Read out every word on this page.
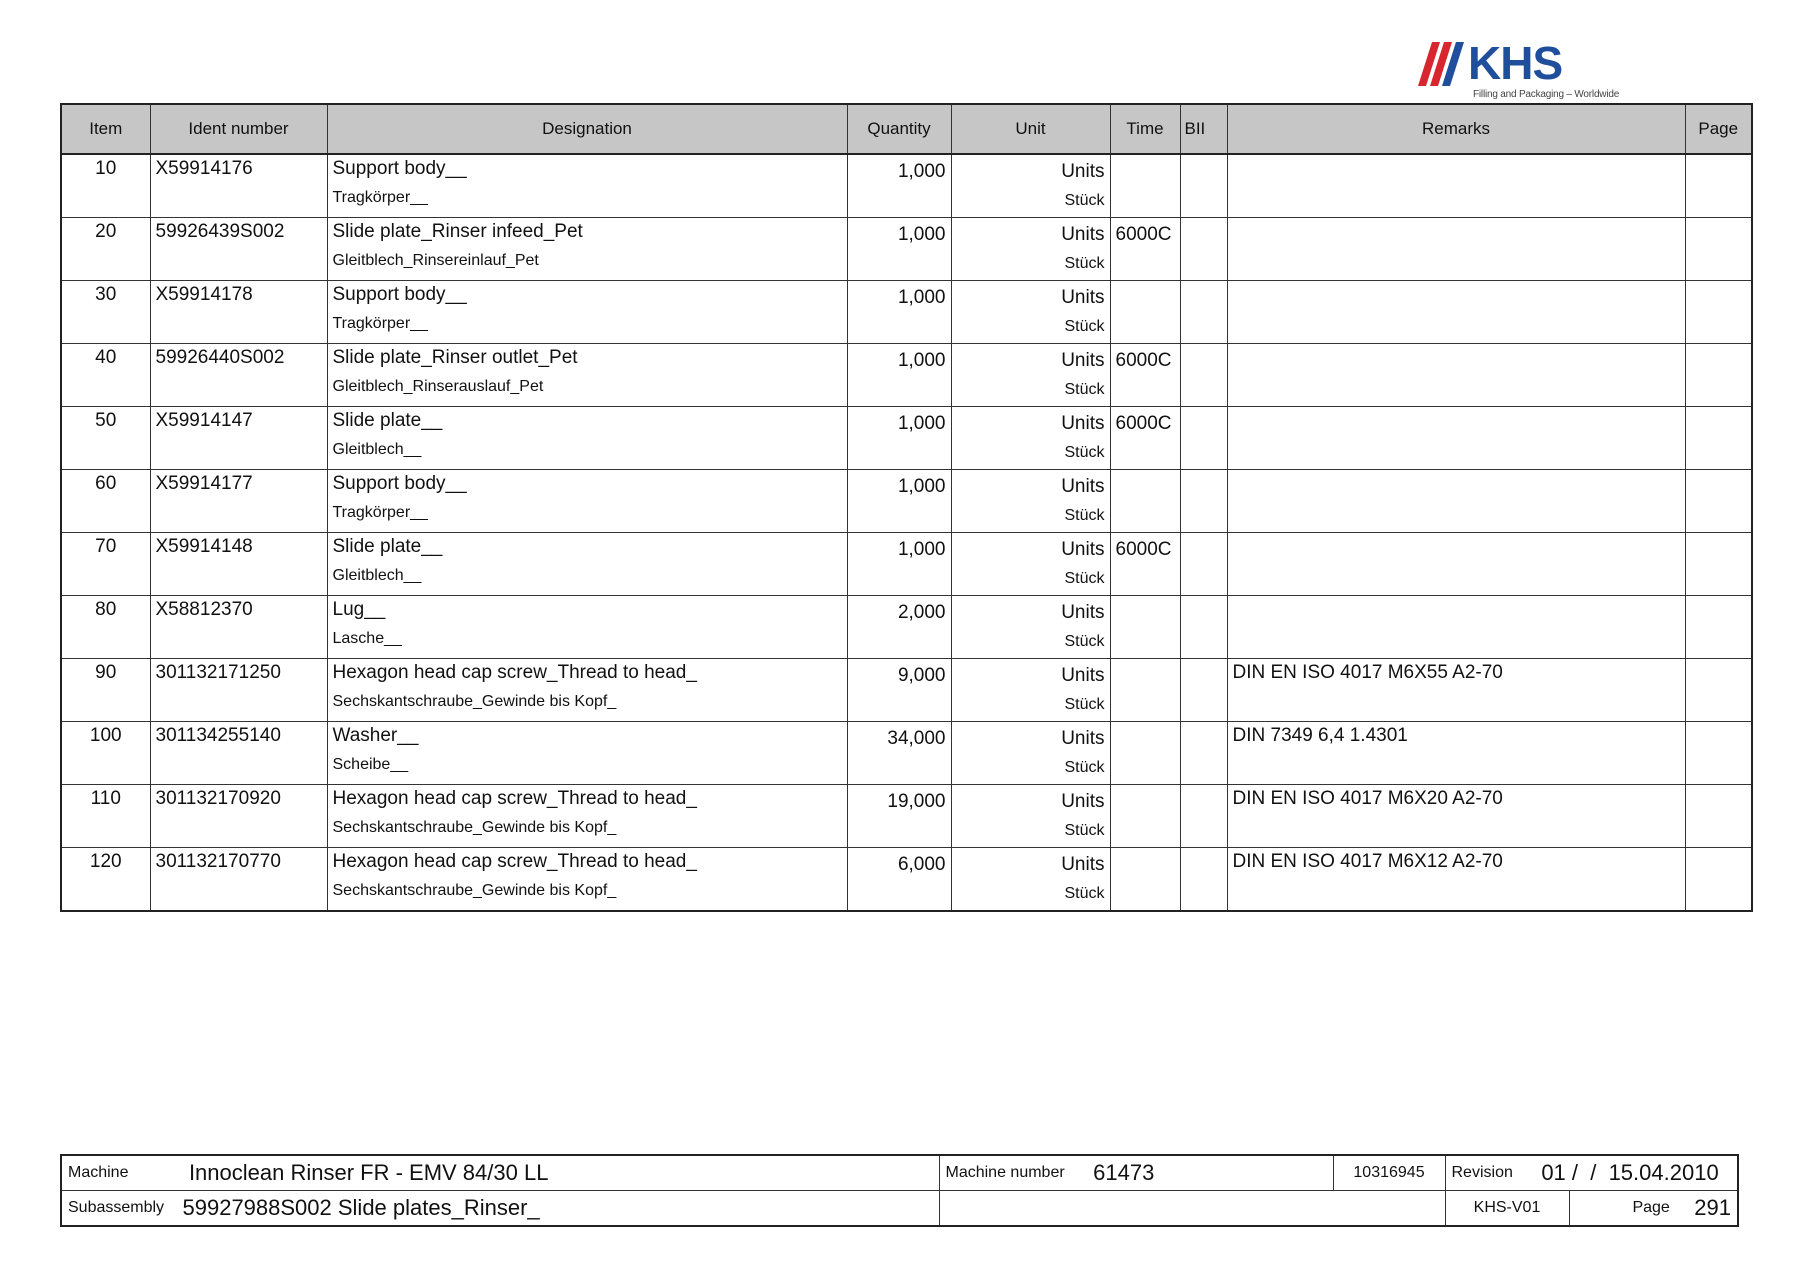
KHS
Filling and Packaging – Worldwide
Item	Ident number	Designation	Quantity	Unit	Time	BII	Remarks	Page
10	X59914176	Support body__	1,000	Units				
		Tragkörper__		Stück				
20	59926439S002	Slide plate_Rinser infeed_Pet	1,000	Units	6000C			
		Gleitblech_Rinsereinlauf_Pet		Stück				
30	X59914178	Support body__	1,000	Units				
		Tragkörper__		Stück				
40	59926440S002	Slide plate_Rinser outlet_Pet	1,000	Units	6000C			
		Gleitblech_Rinserauslauf_Pet		Stück				
50	X59914147	Slide plate__	1,000	Units	6000C			
		Gleitblech__		Stück				
60	X59914177	Support body__	1,000	Units				
		Tragkörper__		Stück				
70	X59914148	Slide plate__	1,000	Units	6000C			
		Gleitblech__		Stück				
80	X58812370	Lug__	2,000	Units				
		Lasche__		Stück				
90	301132171250	Hexagon head cap screw_Thread to head_	9,000	Units			DIN EN ISO 4017 M6X55 A2-70	
		Sechskantschraube_Gewinde bis Kopf_		Stück				
100	301134255140	Washer__	34,000	Units			DIN 7349 6,4 1.4301	
		Scheibe__		Stück				
110	301132170920	Hexagon head cap screw_Thread to head_	19,000	Units			DIN EN ISO 4017 M6X20 A2-70	
		Sechskantschraube_Gewinde bis Kopf_		Stück				
120	301132170770	Hexagon head cap screw_Thread to head_	6,000	Units			DIN EN ISO 4017 M6X12 A2-70	
		Sechskantschraube_Gewinde bis Kopf_		Stück				
Machine Innoclean Rinser FR - EMV 84/30 LL	Machine number 61473	10316945	Revision 01 /  /  15.04.2010	
Subassembly 59927988S002 Slide plates_Rinser_			KHS-V01	Page 291
